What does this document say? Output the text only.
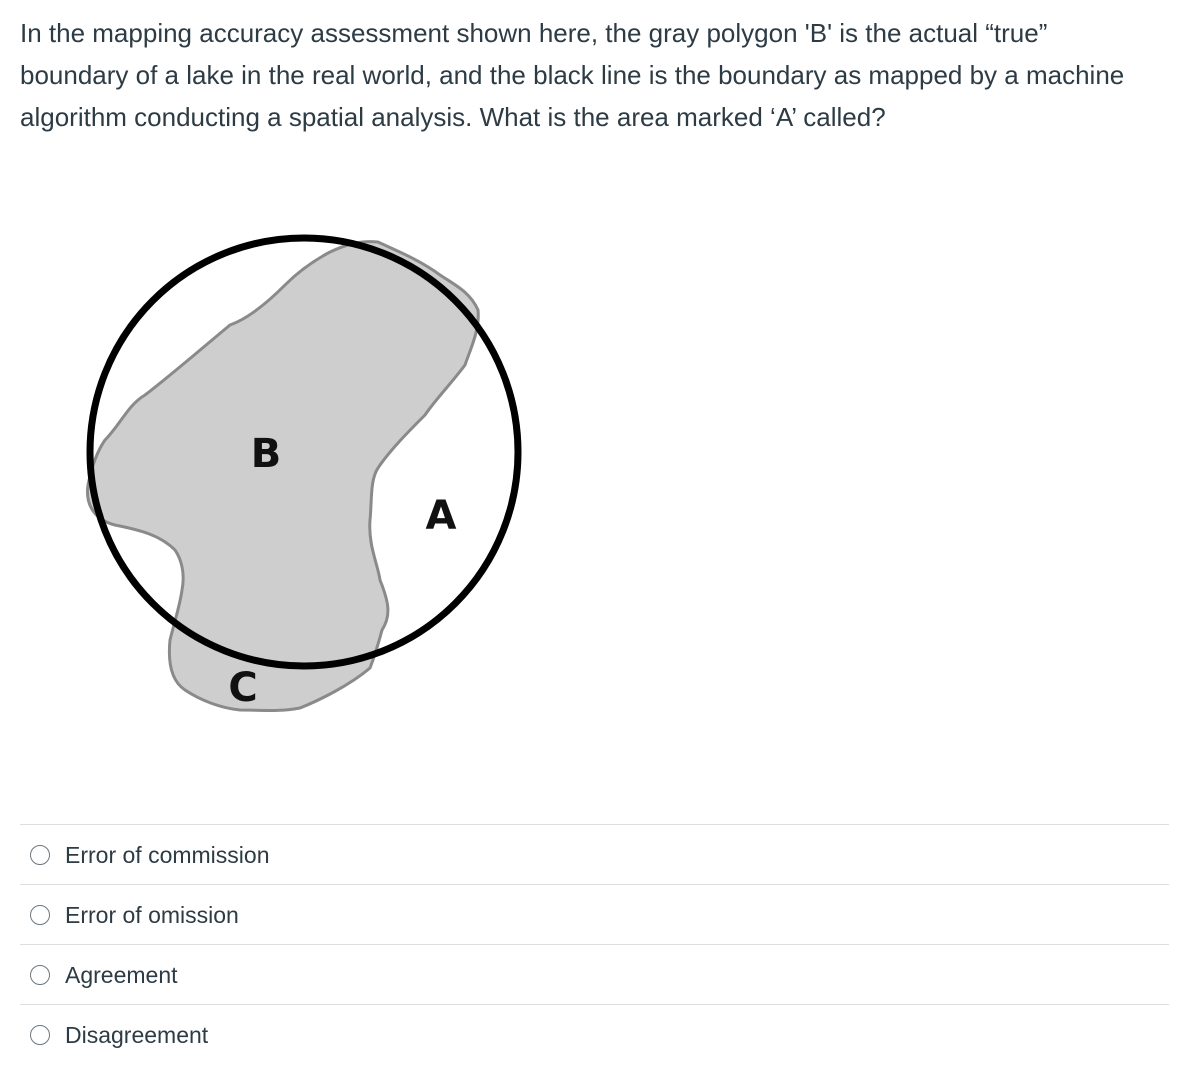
In the mapping accuracy assessment shown here, the gray polygon 'B' is the actual “true” boundary of a lake in the real world, and the black line is the boundary as mapped by a machine algorithm conducting a spatial analysis. What is the area marked ‘A’ called?

B
A
C
Error of commission
Error of omission
Agreement
Disagreement
